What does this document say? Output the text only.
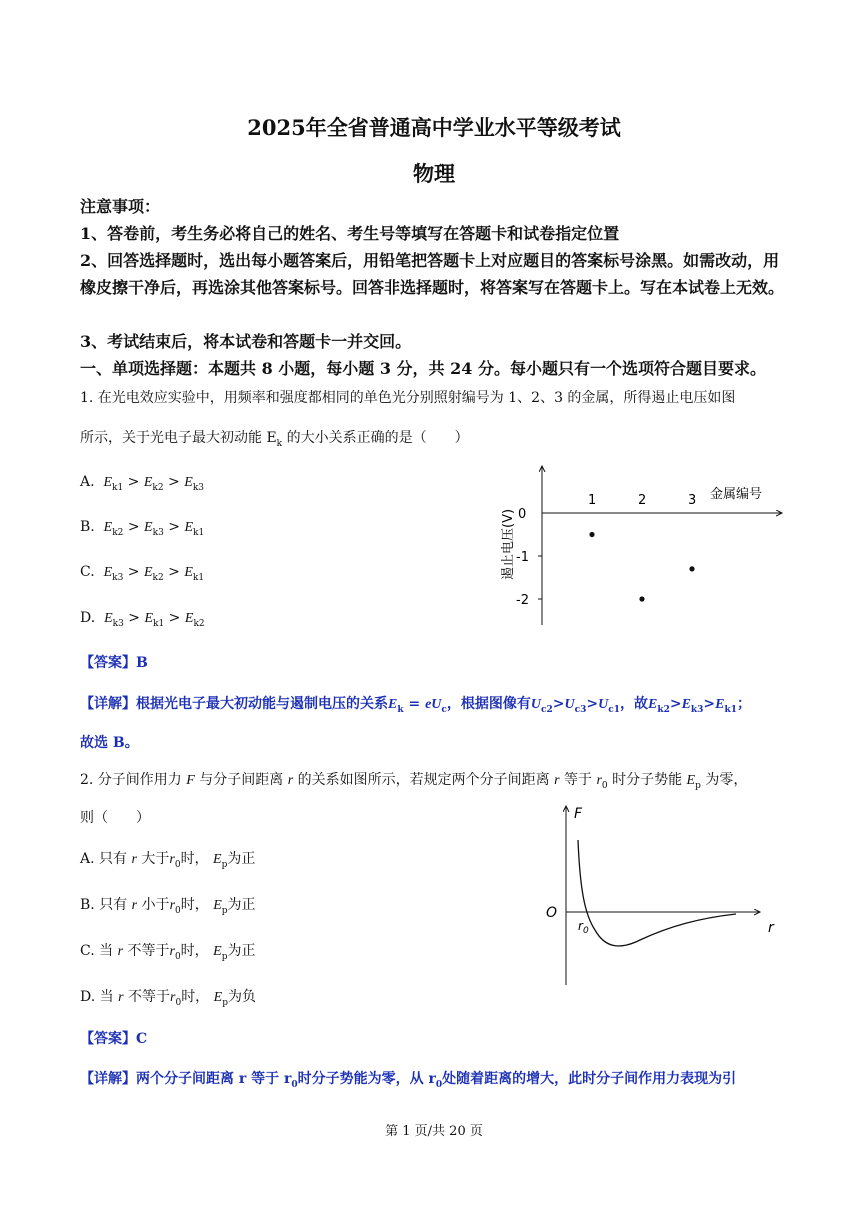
2025年全省普通高中学业水平等级考试
物理
注意事项：
1、答卷前，考生务必将自己的姓名、考生号等填写在答题卡和试卷指定位置
2、回答选择题时，选出每小题答案后，用铅笔把答题卡上对应题目的答案标号涂黑。如需改动，用橡皮擦干净后，再选涂其他答案标号。回答非选择题时，将答案写在答题卡上。写在本试卷上无效。
3、考试结束后，将本试卷和答题卡一并交回。
一、单项选择题：本题共 8 小题，每小题 3 分，共 24 分。每小题只有一个选项符合题目要求。
1. 在光电效应实验中，用频率和强度都相同的单色光分别照射编号为 1、2、3 的金属，所得遏止电压如图
所示，关于光电子最大初动能 $E_k$ 的大小关系正确的是（　　）
A. $E_{k1} > E_{k2} > E_{k3}$
B. $E_{k2} > E_{k3} > E_{k1}$
C. $E_{k3} > E_{k2} > E_{k1}$
D. $E_{k3} > E_{k1} > E_{k2}$
1	2	3
0
-1
-2
金属编号
遏止电压(V)
【答案】B
【详解】根据光电子最大初动能与遏制电压的关系$E_k = eU_c$，根据图像有$U_{c2}>U_{c3}>U_{c1}$，故$E_{k2}>E_{k3}>E_{k1}$；
故选 B。
2. 分子间作用力 F 与分子间距离 r 的关系如图所示，若规定两个分子间距离 r 等于 $r_0$ 时分子势能 $E_p$ 为零，
则（　　）
A. 只有 r 大于$r_0$时， $E_p$为正
B. 只有 r 小于$r_0$时， $E_p$为正
C. 当 r 不等于$r_0$时， $E_p$为正
D. 当 r 不等于$r_0$时， $E_p$为负
F
O
r
$r_0$
【答案】C
【详解】两个分子间距离 r 等于 $r_0$时分子势能为零，从 $r_0$处随着距离的增大，此时分子间作用力表现为引
第 1 页/共 20 页
